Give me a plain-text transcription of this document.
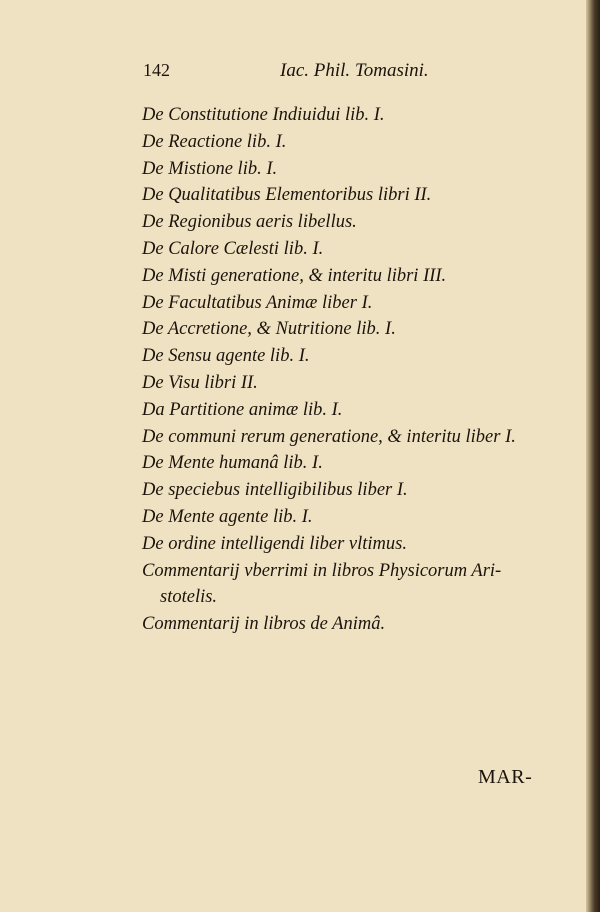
142	Iac. Phil. Tomasini.
De Constitutione Indiuidui lib. I.
De Reactione lib. I.
De Mistione lib. I.
De Qualitatibus Elementoribus libri II.
De Regionibus aeris libellus.
De Calore Cælesti lib. I.
De Misti generatione, & interitu libri III.
De Facultatibus Animæ liber I.
De Accretione, & Nutritione lib. I.
De Sensu agente lib. I.
De Visu libri II.
Da Partitione animæ lib. I.
De communi rerum generatione, & interitu liber I.
De Mente humanâ lib. I.
De speciebus intelligibilibus liber I.
De Mente agente lib. I.
De ordine intelligendi liber vltimus.
Commentarij vberrimi in libros Physicorum Ari-
stotelis.
Commentarij in libros de Animâ.
MAR-
